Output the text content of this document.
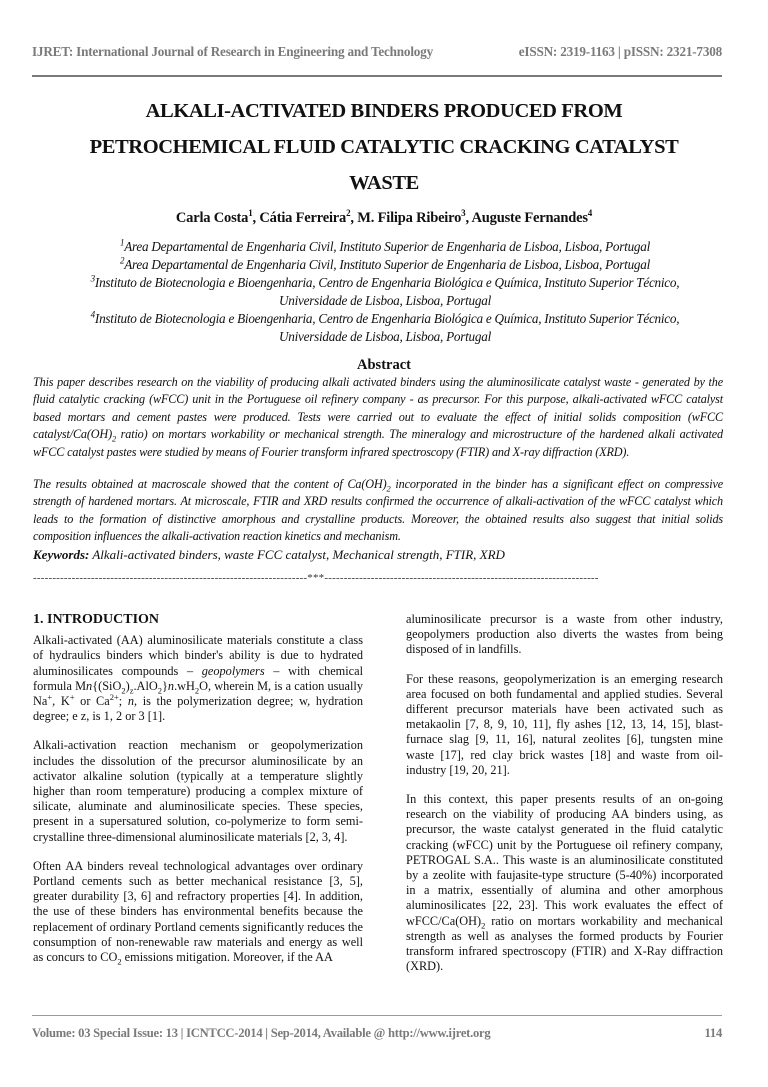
IJRET: International Journal of Research in Engineering and Technology	eISSN: 2319-1163 | pISSN: 2321-7308
ALKALI-ACTIVATED BINDERS PRODUCED FROM
PETROCHEMICAL FLUID CATALYTIC CRACKING CATALYST
WASTE
Carla Costa$^1$, Cátia Ferreira$^2$, M. Filipa Ribeiro$^3$, Auguste Fernandes$^4$
$^1$Area Departamental de Engenharia Civil, Instituto Superior de Engenharia de Lisboa, Lisboa, Portugal
$^2$Area Departamental de Engenharia Civil, Instituto Superior de Engenharia de Lisboa, Lisboa, Portugal
$^3$Instituto de Biotecnologia e Bioengenharia, Centro de Engenharia Biológica e Química, Instituto Superior Técnico,
Universidade de Lisboa, Lisboa, Portugal
$^4$Instituto de Biotecnologia e Bioengenharia, Centro de Engenharia Biológica e Química, Instituto Superior Técnico,
Universidade de Lisboa, Lisboa, Portugal
Abstract
This paper describes research on the viability of producing alkali activated binders using the aluminosilicate catalyst waste - generated by the fluid catalytic cracking (wFCC) unit in the Portuguese oil refinery company - as precursor. For this purpose, alkali-activated wFCC catalyst based mortars and cement pastes were produced. Tests were carried out to evaluate the effect of initial solids composition (wFCC catalyst/$Ca(OH)_2$ ratio) on mortars workability or mechanical strength. The mineralogy and microstructure of the hardened alkali activated wFCC catalyst pastes were studied by means of Fourier transform infrared spectroscopy (FTIR) and X-ray diffraction (XRD).
The results obtained at macroscale showed that the content of $Ca(OH)_2$ incorporated in the binder has a significant effect on compressive strength of hardened mortars. At microscale, FTIR and XRD results confirmed the occurrence of alkali-activation of the wFCC catalyst which leads to the formation of distinctive amorphous and crystalline products. Moreover, the obtained results also suggest that initial solids composition influences the alkali-activation reaction kinetics and mechanism.
Keywords: Alkali-activated binders, waste FCC catalyst, Mechanical strength, FTIR, XRD
-----------------------------------------------------------------------***-----------------------------------------------------------------------
1. INTRODUCTION

Alkali-activated (AA) aluminosilicate materials constitute a class of hydraulics binders which binder's ability is due to hydrated aluminosilicates compounds – geopolymers – with chemical formula $Mn\{(SiO_2)_z.AlO_2\}n.wH_2O$, wherein M, is a cation usually Na+, K+ or $Ca^{2+}$; n, is the polymerization degree; w, hydration degree; e z, is 1, 2 or 3 [1].

Alkali-activation reaction mechanism or geopolymerization includes the dissolution of the precursor aluminosilicate by an activator alkaline solution (typically at a temperature slightly higher than room temperature) producing a complex mixture of silicate, aluminate and aluminosilicate species. These species, present in a supersatured solution, co-polymerize to form semi-crystalline three-dimensional aluminosilicate materials [2, 3, 4].

Often AA binders reveal technological advantages over ordinary Portland cements such as better mechanical resistance [3, 5], greater durability [3, 6] and refractory properties [4]. In addition, the use of these binders has environmental benefits because the replacement of ordinary Portland cements significantly reduces the consumption of non-renewable raw materials and energy as well as concurs to $CO_2$ emissions mitigation. Moreover, if the AA

aluminosilicate precursor is a waste from other industry, geopolymers production also diverts the wastes from being disposed of in landfills.

For these reasons, geopolymerization is an emerging research area focused on both fundamental and applied studies. Several different precursor materials have been activated such as metakaolin [7, 8, 9, 10, 11], fly ashes [12, 13, 14, 15], blast-furnace slag [9, 11, 16], natural zeolites [6], tungsten mine waste [17], red clay brick wastes [18] and waste from oil-industry [19, 20, 21].

In this context, this paper presents results of an on-going research on the viability of producing AA binders using, as precursor, the waste catalyst generated in the fluid catalytic cracking (wFCC) unit by the Portuguese oil refinery company, PETROGAL S.A.. This waste is an aluminosilicate constituted by a zeolite with faujasite-type structure (5-40%) incorporated in a matrix, essentially of alumina and other amorphous aluminosilicates [22, 23]. This work evaluates the effect of wFCC/$Ca(OH)_2$ ratio on mortars workability and mechanical strength as well as analyses the formed products by Fourier transform infrared spectroscopy (FTIR) and X-Ray diffraction (XRD).

Volume: 03 Special Issue: 13 | ICNTCC-2014 | Sep-2014, Available @ http://www.ijret.org	114
